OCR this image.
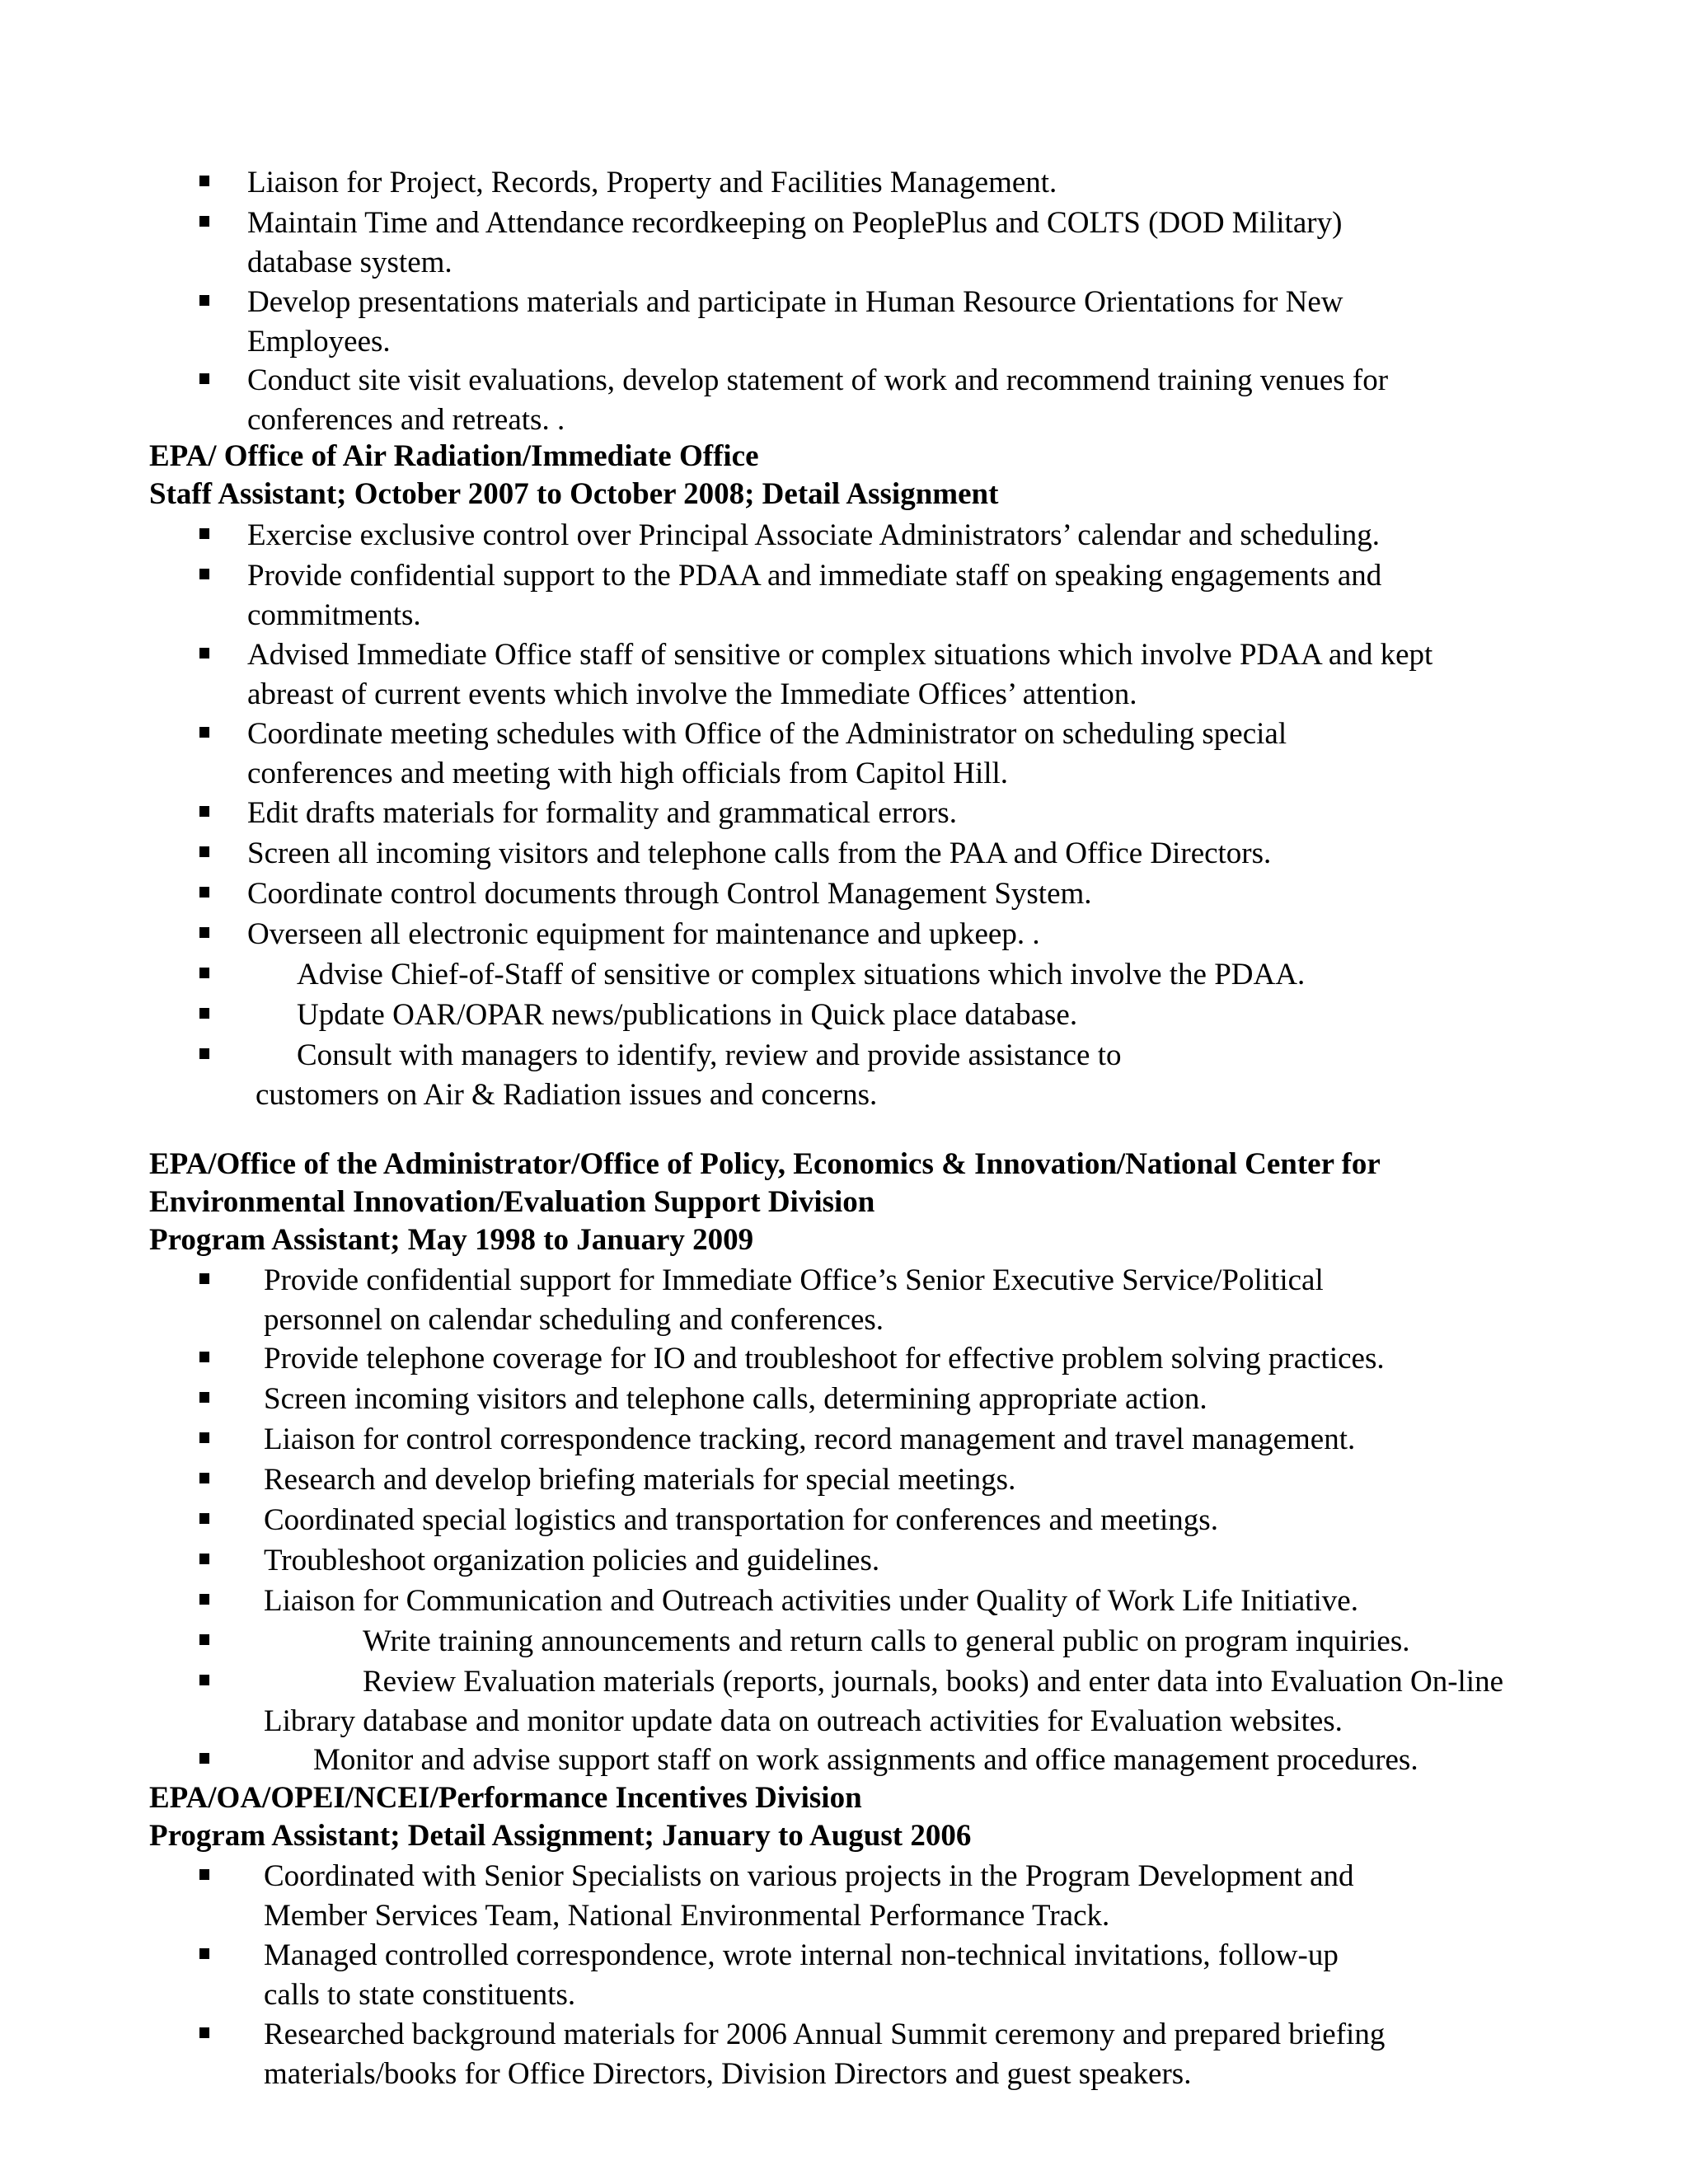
Liaison for Project, Records, Property and Facilities Management.
Maintain Time and Attendance recordkeeping on PeoplePlus and COLTS (DOD Military)
database system.
Develop presentations materials and participate in Human Resource Orientations for New
Employees.
Conduct site visit evaluations, develop statement of work and recommend training venues for
conferences and retreats. .
EPA/ Office of Air Radiation/Immediate Office
Staff Assistant; October 2007 to October 2008; Detail Assignment
Exercise exclusive control over Principal Associate Administrators’ calendar and scheduling.
Provide confidential support to the PDAA and immediate staff on speaking engagements and
commitments.
Advised Immediate Office staff of sensitive or complex situations which involve PDAA and kept
abreast of current events which involve the Immediate Offices’ attention.
Coordinate meeting schedules with Office of the Administrator on scheduling special
conferences and meeting with high officials from Capitol Hill.
Edit drafts materials for formality and grammatical errors.
Screen all incoming visitors and telephone calls from the PAA and Office Directors.
Coordinate control documents through Control Management System.
Overseen all electronic equipment for maintenance and upkeep. .
Advise Chief-of-Staff of sensitive or complex situations which involve the PDAA.
Update OAR/OPAR news/publications in Quick place database.
Consult with managers to identify, review and provide assistance to
customers on Air & Radiation issues and concerns.
EPA/Office of the Administrator/Office of Policy, Economics & Innovation/National Center for
Environmental Innovation/Evaluation Support Division
Program Assistant; May 1998 to January 2009
Provide confidential support for Immediate Office’s Senior Executive Service/Political
personnel on calendar scheduling and conferences.
Provide telephone coverage for IO and troubleshoot for effective problem solving practices.
Screen incoming visitors and telephone calls, determining appropriate action.
Liaison for control correspondence tracking, record management and travel management.
Research and develop briefing materials for special meetings.
Coordinated special logistics and transportation for conferences and meetings.
Troubleshoot organization policies and guidelines.
Liaison for Communication and Outreach activities under Quality of Work Life Initiative.
Write training announcements and return calls to general public on program inquiries.
Review Evaluation materials (reports, journals, books) and enter data into Evaluation On-line
Library database and monitor update data on outreach activities for Evaluation websites.
Monitor and advise support staff on work assignments and office management procedures.
EPA/OA/OPEI/NCEI/Performance Incentives Division
Program Assistant; Detail Assignment; January to August 2006
Coordinated with Senior Specialists on various projects in the Program Development and
Member Services Team, National Environmental Performance Track.
Managed controlled correspondence, wrote internal non-technical invitations, follow-up
calls to state constituents.
Researched background materials for 2006 Annual Summit ceremony and prepared briefing
materials/books for Office Directors, Division Directors and guest speakers.
